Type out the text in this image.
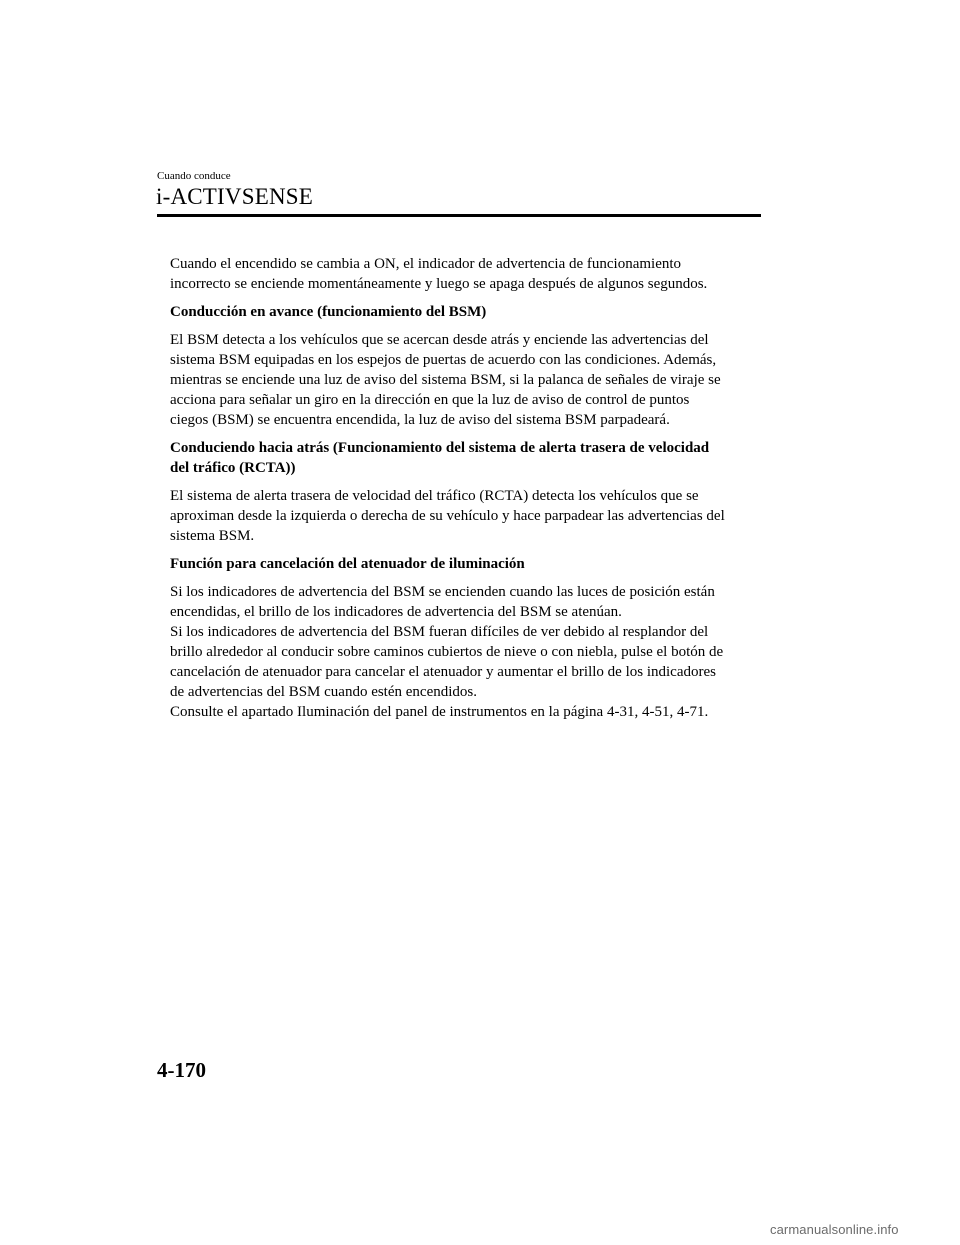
Cuando conduce
i-ACTIVSENSE

Cuando el encendido se cambia a ON, el indicador de advertencia de funcionamiento
incorrecto se enciende momentáneamente y luego se apaga después de algunos segundos.

Conducción en avance (funcionamiento del BSM)

El BSM detecta a los vehículos que se acercan desde atrás y enciende las advertencias del
sistema BSM equipadas en los espejos de puertas de acuerdo con las condiciones. Además,
mientras se enciende una luz de aviso del sistema BSM, si la palanca de señales de viraje se
acciona para señalar un giro en la dirección en que la luz de aviso de control de puntos
ciegos (BSM) se encuentra encendida, la luz de aviso del sistema BSM parpadeará.

Conduciendo hacia atrás (Funcionamiento del sistema de alerta trasera de velocidad
del tráfico (RCTA))

El sistema de alerta trasera de velocidad del tráfico (RCTA) detecta los vehículos que se
aproximan desde la izquierda o derecha de su vehículo y hace parpadear las advertencias del
sistema BSM.

Función para cancelación del atenuador de iluminación

Si los indicadores de advertencia del BSM se encienden cuando las luces de posición están
encendidas, el brillo de los indicadores de advertencia del BSM se atenúan.
Si los indicadores de advertencia del BSM fueran difíciles de ver debido al resplandor del
brillo alrededor al conducir sobre caminos cubiertos de nieve o con niebla, pulse el botón de
cancelación de atenuador para cancelar el atenuador y aumentar el brillo de los indicadores
de advertencias del BSM cuando estén encendidos.
Consulte el apartado Iluminación del panel de instrumentos en la página 4-31, 4-51, 4-71.

4-170
carmanualsonline.info
